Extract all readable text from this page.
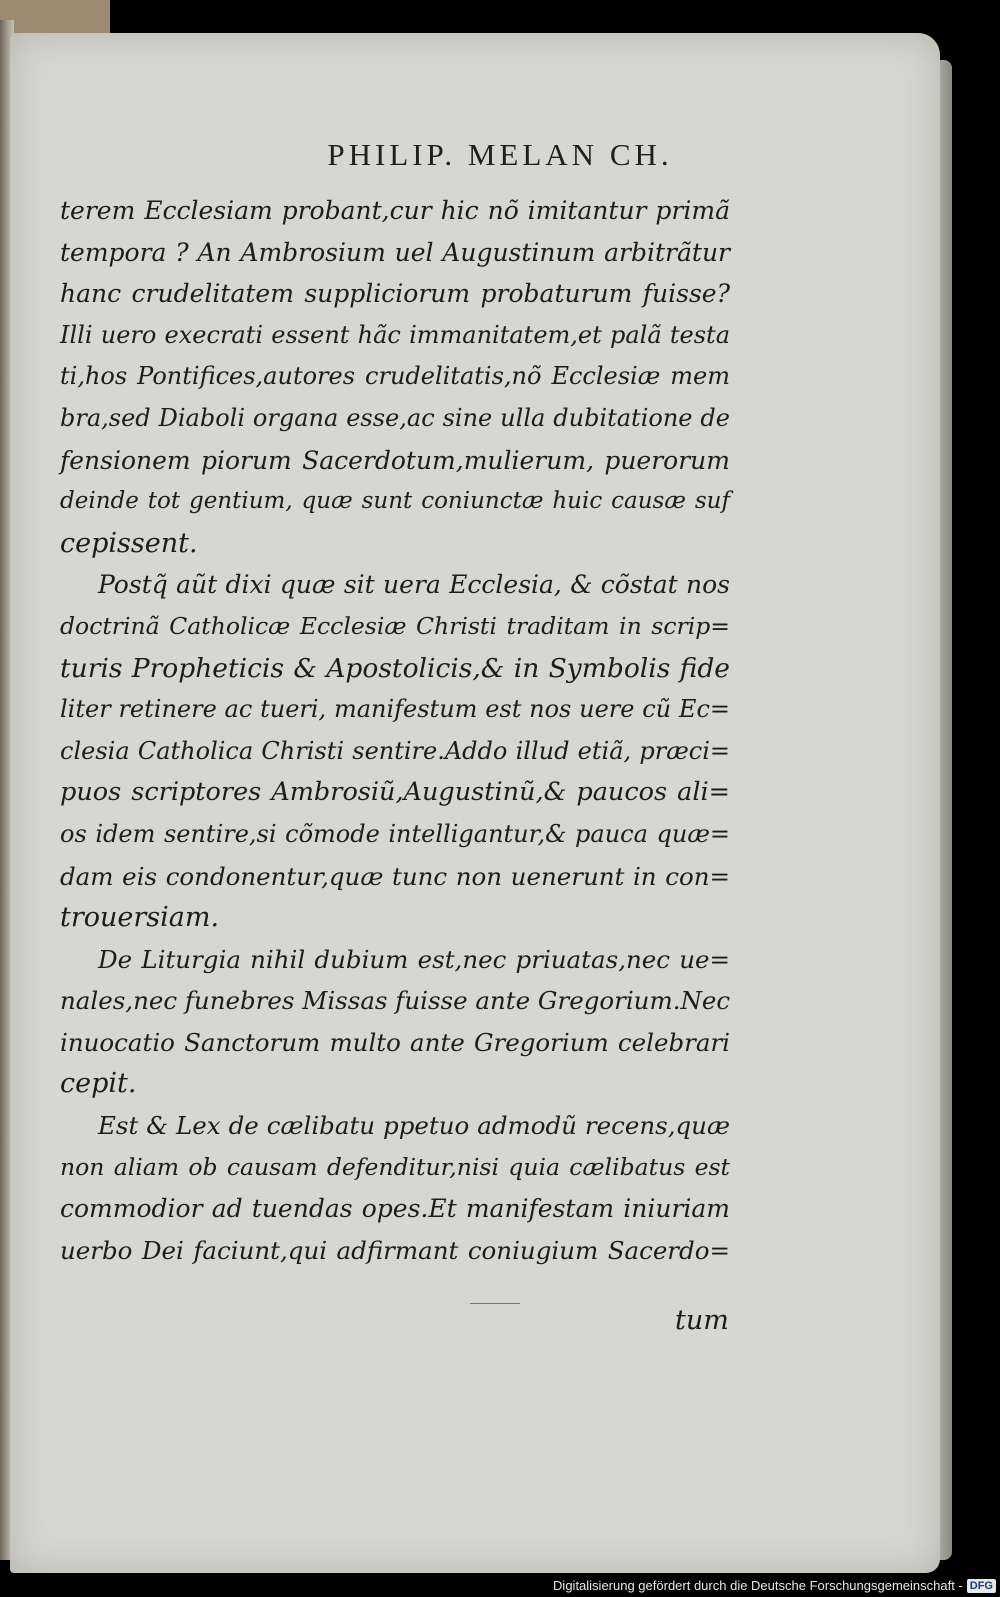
PHILIP. MELAN CH.
terem Ecclesiam probant,cur hic nõ imitantur primã
tempora ? An Ambrosium uel Augustinum arbitrãtur
hanc crudelitatem suppliciorum probaturum fuisse?
Illi uero execrati essent hãc immanitatem,et palã testa
ti,hos Pontifices,autores crudelitatis,nõ Ecclesiæ mem
bra,sed Diaboli organa esse,ac sine ulla dubitatione de
fensionem piorum Sacerdotum,mulierum, puerorum
deinde tot gentium, quæ sunt coniunctæ huic causæ suf
cepissent.
Postq̃ aũt dixi quæ sit uera Ecclesia, & cõstat nos
doctrinã Catholicæ Ecclesiæ Christi traditam in scrip=
turis Propheticis & Apostolicis,& in Symbolis fide
liter retinere ac tueri, manifestum est nos uere cũ Ec=
clesia Catholica Christi sentire.Addo illud etiã, præci=
puos scriptores Ambrosiũ,Augustinũ,& paucos ali=
os idem sentire,si cõmode intelligantur,& pauca quæ=
dam eis condonentur,quæ tunc non uenerunt in con=
trouersiam.
De Liturgia nihil dubium est,nec priuatas,nec ue=
nales,nec funebres Missas fuisse ante Gregorium.Nec
inuocatio Sanctorum multo ante Gregorium celebrari
cepit.
Est & Lex de cælibatu ppetuo admodũ recens,quæ
non aliam ob causam defenditur,nisi quia cælibatus est
commodior ad tuendas opes.Et manifestam iniuriam
uerbo Dei faciunt,qui adfirmant coniugium Sacerdo=
tum
Digitalisierung gefördert durch die Deutsche Forschungsgemeinschaft - DFG
